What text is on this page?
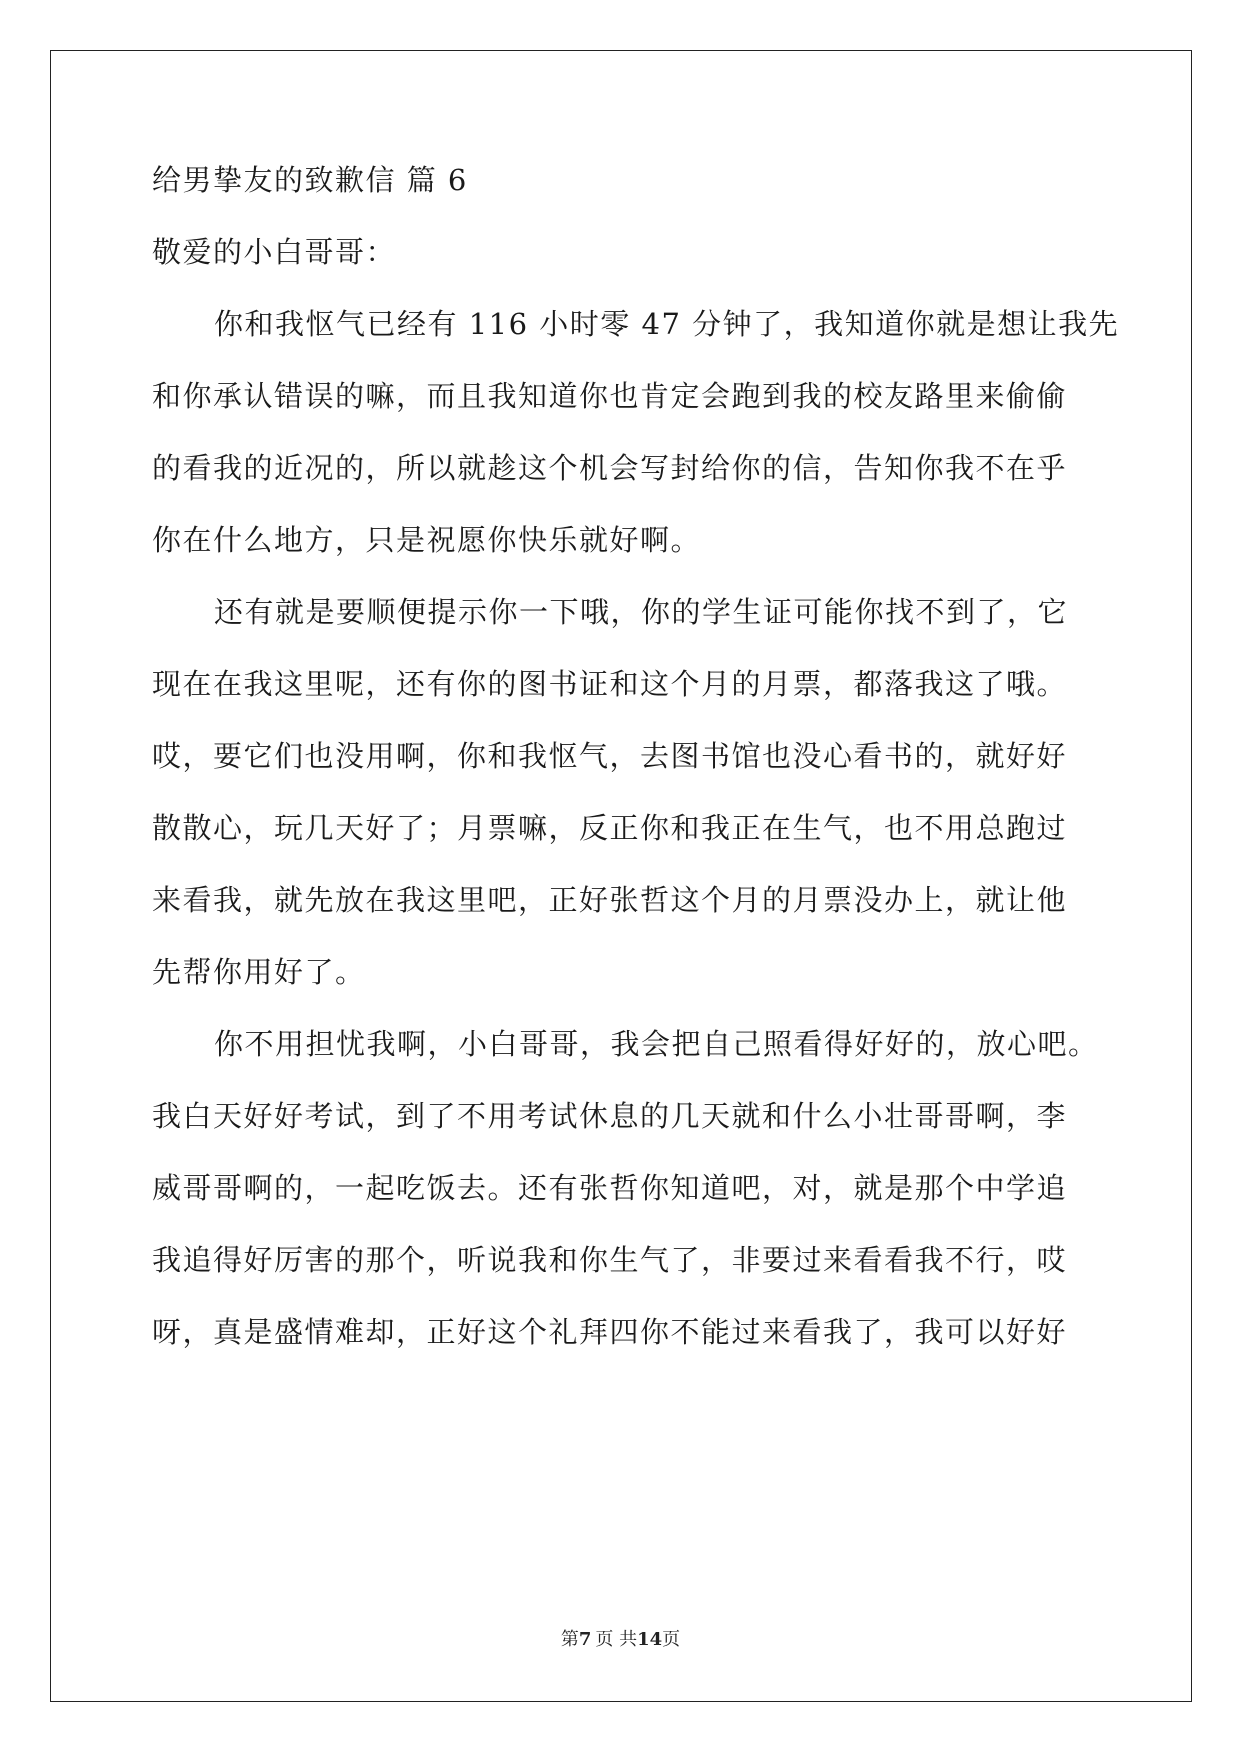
给男挚友的致歉信 篇 6
敬爱的小白哥哥：
你和我怄气已经有 116 小时零 47 分钟了，我知道你就是想让我先
和你承认错误的嘛，而且我知道你也肯定会跑到我的校友路里来偷偷
的看我的近况的，所以就趁这个机会写封给你的信，告知你我不在乎
你在什么地方，只是祝愿你快乐就好啊。
还有就是要顺便提示你一下哦，你的学生证可能你找不到了，它
现在在我这里呢，还有你的图书证和这个月的月票，都落我这了哦。
哎，要它们也没用啊，你和我怄气，去图书馆也没心看书的，就好好
散散心，玩几天好了；月票嘛，反正你和我正在生气，也不用总跑过
来看我，就先放在我这里吧，正好张哲这个月的月票没办上，就让他
先帮你用好了。
你不用担忧我啊，小白哥哥，我会把自己照看得好好的，放心吧。
我白天好好考试，到了不用考试休息的几天就和什么小壮哥哥啊，李
威哥哥啊的，一起吃饭去。还有张哲你知道吧，对，就是那个中学追
我追得好厉害的那个，听说我和你生气了，非要过来看看我不行，哎
呀，真是盛情难却，正好这个礼拜四你不能过来看我了，我可以好好
第7 页 共14页
